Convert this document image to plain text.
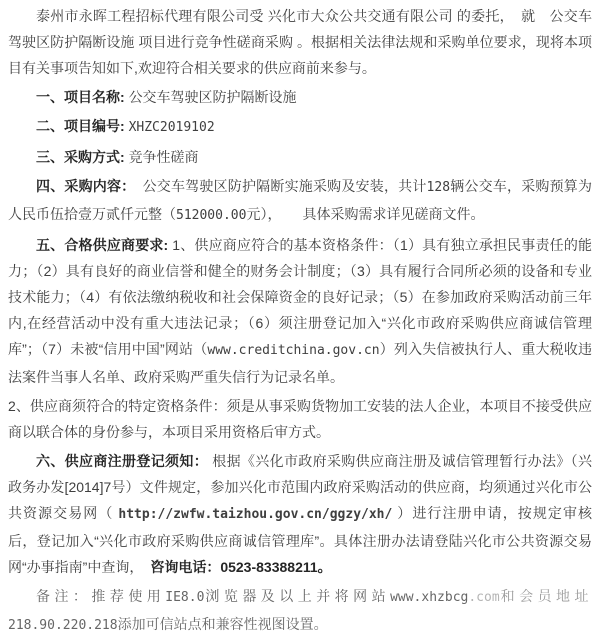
泰州市永晖工程招标代理有限公司受 兴化市大众公共交通有限公司 的委托，　就　公交车驾驶区防护隔断设施 项目进行竞争性磋商采购 。根据相关法律法规和采购单位要求，现将本项目有关事项告知如下,欢迎符合相关要求的供应商前来参与。

一、项目名称: 公交车驾驶区防护隔断设施

二、项目编号: XHZC2019102

三、采购方式: 竞争性磋商

四、采购内容：　公交车驾驶区防护隔断实施采购及安装，共计128辆公交车，采购预算为人民币伍拾壹万贰仟元整（512000.00元），　　具体采购需求详见磋商文件。

五、合格供应商要求: 1、供应商应符合的基本资格条件：（1）具有独立承担民事责任的能力；（2）具有良好的商业信誉和健全的财务会计制度；（3）具有履行合同所必须的设备和专业技术能力；（4）有依法缴纳税收和社会保障资金的良好记录；（5）在参加政府采购活动前三年内,在经营活动中没有重大违法记录；（6）须注册登记加入“兴化市政府采购供应商诚信管理库”；（7）未被“信用中国”网站（www.creditchina.gov.cn）列入失信被执行人、重大税收违法案件当事人名单、政府采购严重失信行为记录名单。

2、供应商须符合的特定资格条件：须是从事采购货物加工安装的法人企业，本项目不接受供应商以联合体的身份参与，本项目采用资格后审方式。

六、供应商注册登记须知： 根据《兴化市政府采购供应商注册及诚信管理暂行办法》（兴政务办发[2014]7号）文件规定，参加兴化市范围内政府采购活动的供应商，均须通过兴化市公共资源交易网（ http://zwfw.taizhou.gov.cn/ggzy/xh/ ）进行注册申请，按规定审核后，登记加入“兴化市政府采购供应商诚信管理库”。具体注册办法请登陆兴化市公共资源交易网“办事指南”中查询，　咨询电话：0523-83388211。

备注：推荐使用IE8.0浏览器及以上并将网站www.xhzbcg.com和会员地址218.90.220.218添加可信站点和兼容性视图设置。
